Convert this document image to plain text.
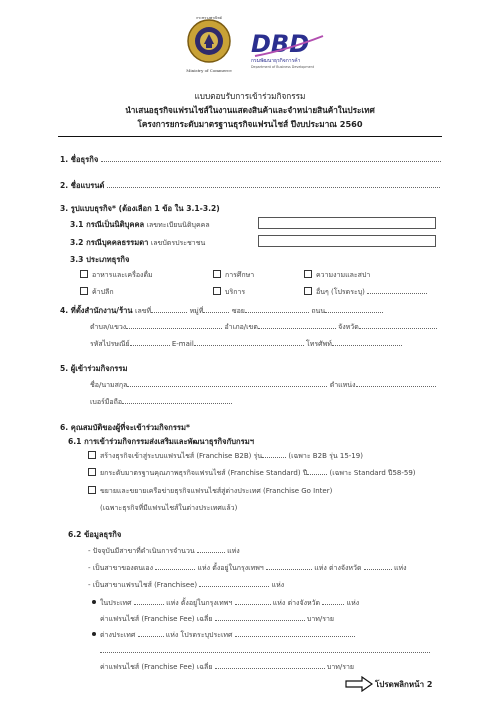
กระทรวงพาณิชย์
Ministry of Commerce
DBD
กรมพัฒนาธุรกิจการค้า
Department of Business Development
แบบตอบรับการเข้าร่วมกิจกรรม
นำเสนอธุรกิจแฟรนไชส์ในงานแสดงสินค้าและจำหน่ายสินค้าในประเทศ
โครงการยกระดับมาตรฐานธุรกิจแฟรนไชส์ ปีงบประมาณ 2560
1. ชื่อธุรกิจ
2. ชื่อแบรนด์
3. รูปแบบธุรกิจ* (ต้องเลือก 1 ข้อ ใน 3.1-3.2)
3.1 กรณีเป็นนิติบุคคล เลขทะเบียนนิติบุคคล
3.2 กรณีบุคคลธรรมดา เลขบัตรประชาชน
3.3 ประเภทธุรกิจ
อาหารและเครื่องดื่ม	การศึกษา	ความงามและสปา
ค้าปลีก	บริการ	อื่นๆ (โปรดระบุ)
4. ที่ตั้งสำนักงาน/ร้าน เลขที่	หมู่ที่	ซอย	ถนน
ตำบล/แขวง	อำเภอ/เขต	จังหวัด
รหัสไปรษณีย์	E-mail	โทรศัพท์
5. ผู้เข้าร่วมกิจกรรม
ชื่อ/นามสกุล	ตำแหน่ง
เบอร์มือถือ
6. คุณสมบัติของผู้ที่จะเข้าร่วมกิจกรรม*
6.1 การเข้าร่วมกิจกรรมส่งเสริมและพัฒนาธุรกิจกับกรมฯ
สร้างธุรกิจเข้าสู่ระบบแฟรนไชส์ (Franchise B2B) รุ่น	(เฉพาะ B2B รุ่น 15-19)
ยกระดับมาตรฐานคุณภาพธุรกิจแฟรนไชส์ (Franchise Standard) ปี	(เฉพาะ Standard ปี58-59)
ขยายและขยายเครือข่ายธุรกิจแฟรนไชส์สู่ต่างประเทศ (Franchise Go Inter)
(เฉพาะธุรกิจที่มีแฟรนไชส์ในต่างประเทศแล้ว)
6.2 ข้อมูลธุรกิจ
- ปัจจุบันมีสาขาที่ดำเนินการจำนวน	แห่ง
- เป็นสาขาของตนเอง	แห่ง ตั้งอยู่ในกรุงเทพฯ	แห่ง ต่างจังหวัด	แห่ง
- เป็นสาขาแฟรนไชส์ (Franchisee)	แห่ง
ในประเทศ	แห่ง ตั้งอยู่ในกรุงเทพฯ	แห่ง ต่างจังหวัด	แห่ง
ค่าแฟรนไชส์ (Franchise Fee) เฉลี่ย	บาท/ราย
ต่างประเทศ	แห่ง โปรดระบุประเทศ
ค่าแฟรนไชส์ (Franchise Fee) เฉลี่ย	บาท/ราย
โปรดพลิกหน้า 2
